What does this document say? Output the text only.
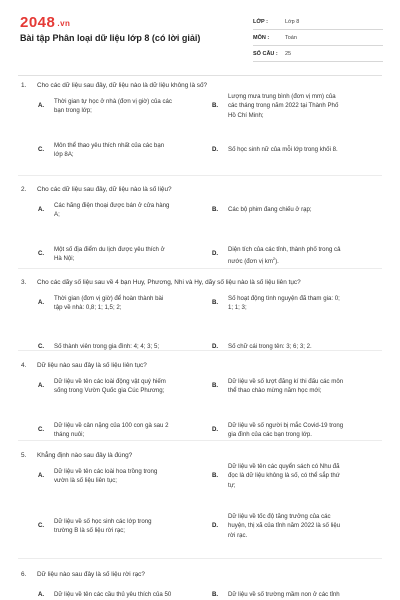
2048 .vn
Bài tập Phân loại dữ liệu lớp 8 (có lời giải)
LỚP :	Lớp 8
MÔN :	Toán
SỐ CÂU :	25
1. Cho các dữ liệu sau đây, dữ liệu nào là dữ liệu không là số?
A.
Thời gian tự học ở nhà (đơn vị giờ) của các
bạn trong lớp;
B.
Lượng mưa trung bình (đơn vị mm) của
các tháng trong năm 2022 tại Thành Phố
Hồ Chí Minh;
C.
Môn thể thao yêu thích nhất của các bạn
lớp 8A;
D. Số học sinh nữ của mỗi lớp trong khối 8.
2. Cho các dữ liệu sau đây, dữ liệu nào là số liệu?
A.
Các hãng điện thoại được bán ở cửa hàng
A;
B. Các bộ phim đang chiếu ở rạp;
C.
Một số địa điểm du lịch được yêu thích ở
Hà Nội;
D.
Diện tích của các tỉnh, thành phố trong cả
nước (đơn vị $km^2$).
3. Cho các dãy số liệu sau về 4 bạn Huy, Phương, Nhi và Hy, dãy số liệu nào là số liệu liên tục?
A.
Thời gian (đơn vị giờ) để hoàn thành bài
tập về nhà: 0,8; 1; 1,5; 2;
B.
Số hoạt động tình nguyện đã tham gia: 0;
1; 1; 3;
C. Số thành viên trong gia đình: 4; 4; 3; 5;	D. Số chữ cái trong tên: 3; 6; 3; 2.
4. Dữ liệu nào sau đây là số liệu liên tục?
A.
Dữ liệu về tên các loài động vật quý hiếm
sống trong Vườn Quốc gia Cúc Phương;
B.
Dữ liệu về số lượt đăng kí thi đấu các môn
thể thao chào mừng năm học mới;
C.
Dữ liệu về cân nặng của 100 con gà sau 2
tháng nuôi;
D.
Dữ liệu về số người bị mắc Covid-19 trong
gia đình của các bạn trong lớp.
5. Khẳng định nào sau đây là đúng?
A.
Dữ liệu về tên các loài hoa trồng trong
vườn là số liệu liên tục;
B.
Dữ liệu về tên các quyển sách có Nhu đã
đọc là dữ liệu không là số, có thể sắp thứ
tự;
C.
Dữ liệu về số học sinh các lớp trong
trường B là số liệu rời rạc;
D.
Dữ liệu về tốc độ tăng trưởng của các
huyện, thị xã của tỉnh năm 2022 là số liệu
rời rạc.
6. Dữ liệu nào sau đây là số liệu rời rạc?
A. Dữ liệu về tên các cầu thủ yêu thích của 50	B. Dữ liệu về số trường mầm non ở các tỉnh
